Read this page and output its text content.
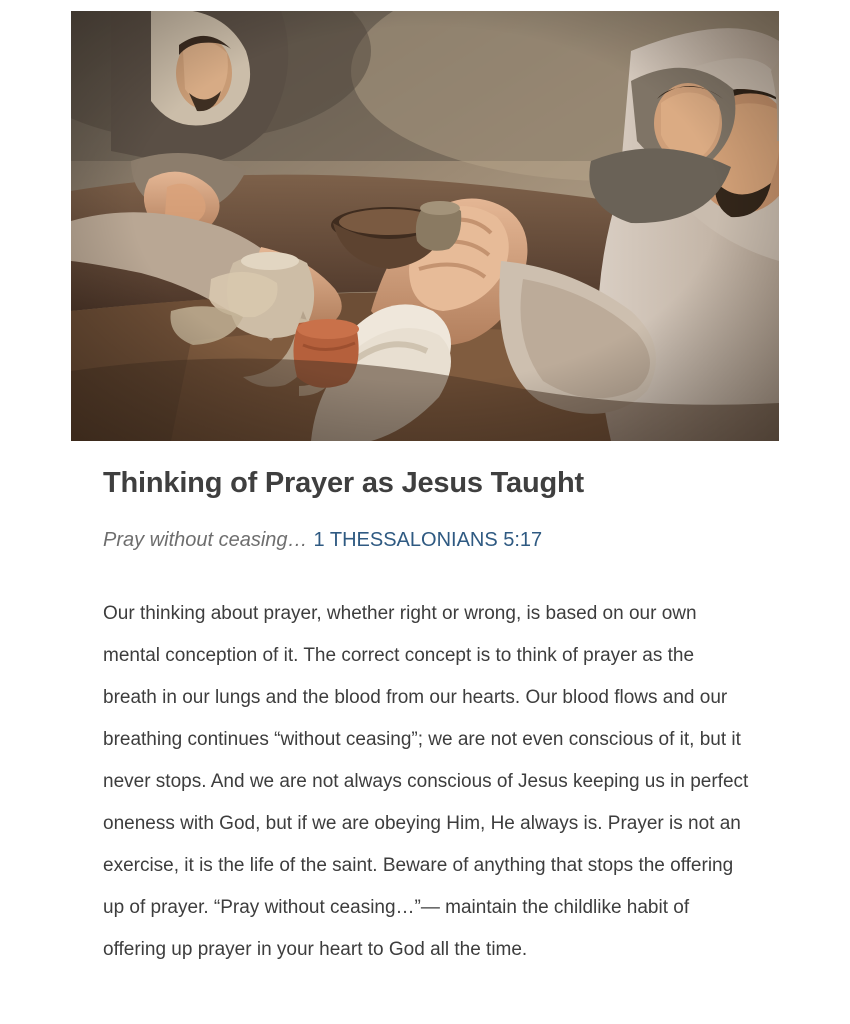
Thinking of Prayer as Jesus Taught

Pray without ceasing… 1 THESSALONIANS 5:17

Our thinking about prayer, whether right or wrong, is based on our own mental conception of it. The correct concept is to think of prayer as the breath in our lungs and the blood from our hearts. Our blood flows and our breathing continues “without ceasing”; we are not even conscious of it, but it never stops. And we are not always conscious of Jesus keeping us in perfect oneness with God, but if we are obeying Him, He always is. Prayer is not an exercise, it is the life of the saint. Beware of anything that stops the offering up of prayer. “Pray without ceasing…”— maintain the childlike habit of offering up prayer in your heart to God all the time.
